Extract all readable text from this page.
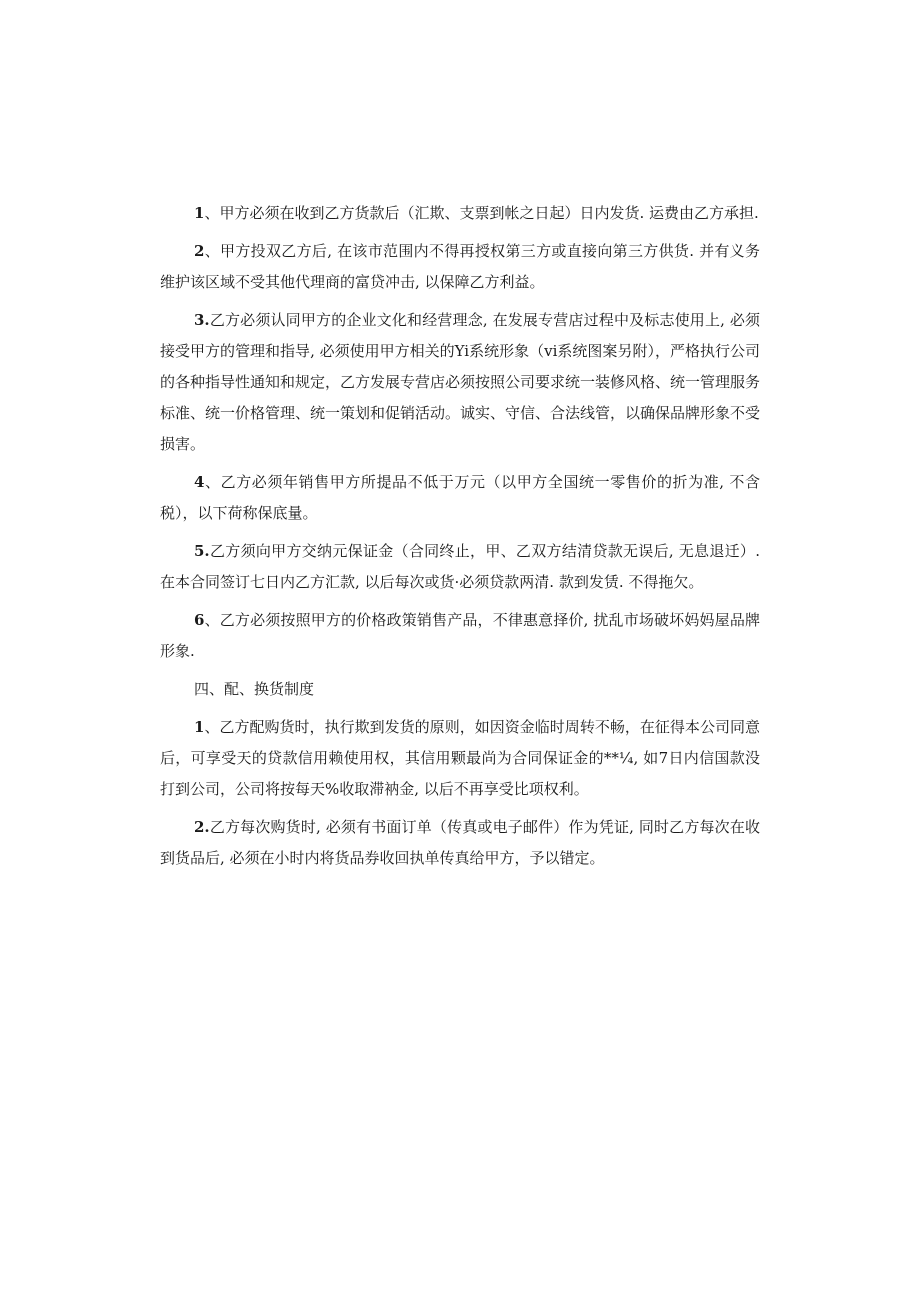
1、甲方必须在收到乙方货款后（汇欺、支票到帐之日起）日内发货. 运费由乙方承担.

2、甲方投双乙方后, 在该市范围内不得再授权第三方或直接向第三方供货. 并有义务维护该区域不受其他代理商的富贷冲击, 以保障乙方利益。

3.乙方必须认同甲方的企业文化和经营理念, 在发展专营店过程中及标志使用上, 必须接受甲方的管理和指导, 必须使用甲方相关的Yi系统形象（vi系统图案另附），严格执行公司的各种指导性通知和规定，乙方发展专营店必须按照公司要求统一装修风格、统一管理服务标准、统一价格管理、统一策划和促销活动。诚实、守信、合法线管，以确保品牌形象不受损害。

4、乙方必须年销售甲方所提品不低于万元（以甲方全国统一零售价的折为准, 不含税），以下荷称保底量。

5.乙方须向甲方交纳元保证金（合同终止，甲、乙双方结清贷款无误后, 无息退迁）. 在本合同签订七日内乙方汇款, 以后每次或货·必须贷款两清. 款到发赁. 不得拖欠。

6、乙方必须按照甲方的价格政策销售产品，不律惠意择价, 扰乱市场破坏妈妈屋品牌形象.

四、配、换货制度

1、乙方配购货时，执行欺到发货的原则，如因资金临时周转不畅，在征得本公司同意后，可享受天的贷款信用赖使用权，其信用颗最尚为合同保证金的**¼, 如7日内信国款没打到公司，公司将按每天%收取滞衲金, 以后不再享受比项权利。

2.乙方每次购货时, 必须有书面订单（传真或电子邮件）作为凭证, 同时乙方每次在收到货品后, 必须在小时内将货品券收回执单传真给甲方，予以错定。
